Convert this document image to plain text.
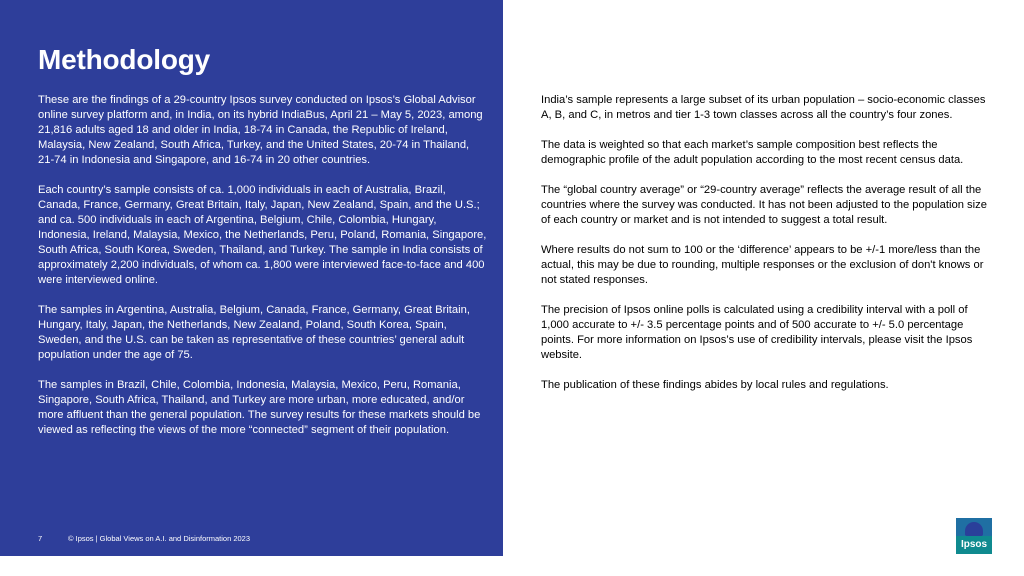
Methodology

These are the findings of a 29-country Ipsos survey conducted on Ipsos’s Global Advisor online survey platform and, in India, on its hybrid IndiaBus, April 21 – May 5, 2023, among 21,816 adults aged 18 and older in India, 18-74 in Canada, the Republic of Ireland, Malaysia, New Zealand, South Africa, Turkey, and the United States, 20-74 in Thailand, 21-74 in Indonesia and Singapore, and 16-74 in 20 other countries.

Each country’s sample consists of ca. 1,000 individuals in each of Australia, Brazil, Canada, France, Germany, Great Britain, Italy, Japan, New Zealand, Spain, and the U.S.; and ca. 500 individuals in each of Argentina, Belgium, Chile, Colombia, Hungary, Indonesia, Ireland, Malaysia, Mexico, the Netherlands, Peru, Poland, Romania, Singapore, South Africa, South Korea, Sweden, Thailand, and Turkey. The sample in India consists of approximately 2,200 individuals, of whom ca. 1,800 were interviewed face-to-face and 400 were interviewed online.

The samples in Argentina, Australia, Belgium, Canada, France, Germany, Great Britain, Hungary, Italy, Japan, the Netherlands, New Zealand, Poland, South Korea, Spain, Sweden, and the U.S. can be taken as representative of these countries’ general adult population under the age of 75.

The samples in Brazil, Chile, Colombia, Indonesia, Malaysia, Mexico, Peru, Romania, Singapore, South Africa, Thailand, and Turkey are more urban, more educated, and/or more affluent than the general population. The survey results for these markets should be viewed as reflecting the views of the more “connected” segment of their population.

7	© Ipsos | Global Views on A.I. and Disinformation 2023

India’s sample represents a large subset of its urban population – socio-economic classes A, B, and C, in metros and tier 1-3 town classes across all the country’s four zones.

The data is weighted so that each market’s sample composition best reflects the demographic profile of the adult population according to the most recent census data.

The “global country average” or “29-country average” reflects the average result of all the countries where the survey was conducted. It has not been adjusted to the population size of each country or market and is not intended to suggest a total result.

Where results do not sum to 100 or the ‘difference’ appears to be +/-1 more/less than the actual, this may be due to rounding, multiple responses or the exclusion of don't knows or not stated responses.

The precision of Ipsos online polls is calculated using a credibility interval with a poll of 1,000 accurate to +/- 3.5 percentage points and of 500 accurate to +/- 5.0 percentage points. For more information on Ipsos’s use of credibility intervals, please visit the Ipsos website.

The publication of these findings abides by local rules and regulations.

Ipsos
